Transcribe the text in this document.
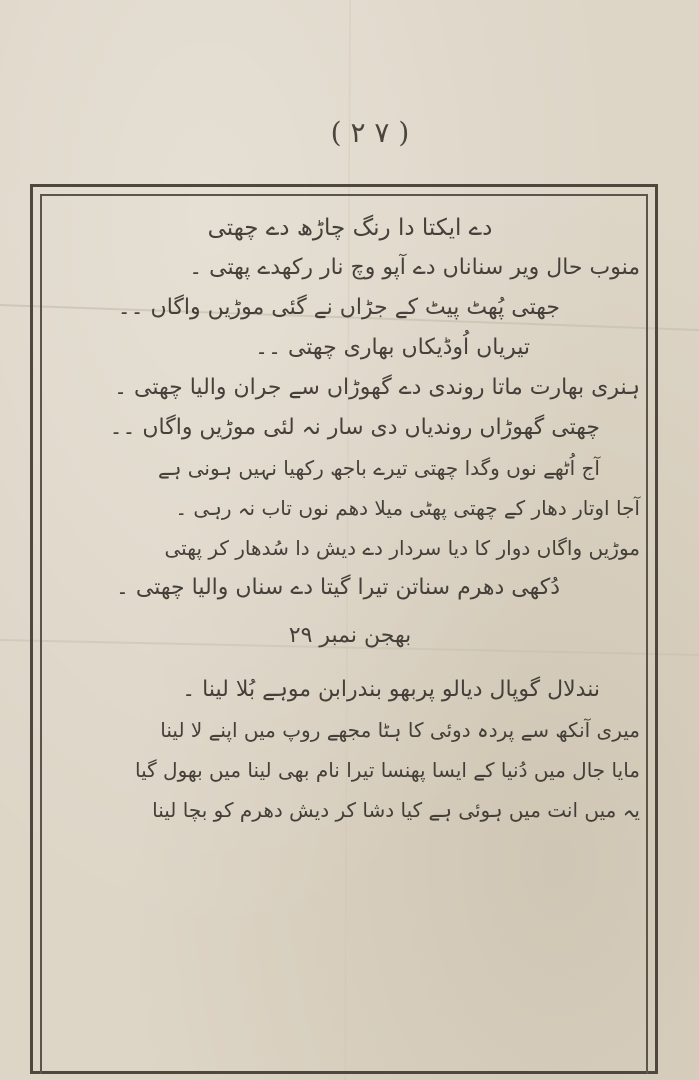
( ۲ ۷ )
دے ایکتا دا رنگ چاڑھ دے چھتی
منوب حال ویر سناناں دے آپو وچ نار رکھدے پھتی ۔
جھتی پُھٹ پیٹ کے جڑاں نے گئی موڑیں واگاں ۔۔
تیریاں اُوڈیکاں بھاری چھتی ۔۔
ہنری بھارت ماتا روندی دے گھوڑاں سے جران والیا چھتی ۔
چھتی گھوڑاں روندیاں دی سار نہ لئی موڑیں واگاں ۔۔
آج اُٹھے نوں وگدا چھتی تیرے باجھ رکھیا نہیں ہونی ہے
آجا اوتار دھار کے چھتی پھٹی میلا دھم نوں تاب نہ رہی ۔
موڑیں واگاں دوار کا دیا سردار دے دیش دا سُدھار کر پھتی
دُکھی دھرم سناتن تیرا گیتا دے سناں والیا چھتی ۔
بھجن نمبر ۲۹
نندلال گوپال دیالو پربھو بندرابن موہے بُلا لینا ۔
میری آنکھ سے پردہ دوئی کا ہٹا مجھے روپ میں اپنے لا لینا
مایا جال میں دُنیا کے ایسا پھنسا تیرا نام بھی لینا میں بھول گیا
یہ میں انت میں ہوئی ہے کیا دشا کر دیش دھرم کو بچا لینا
